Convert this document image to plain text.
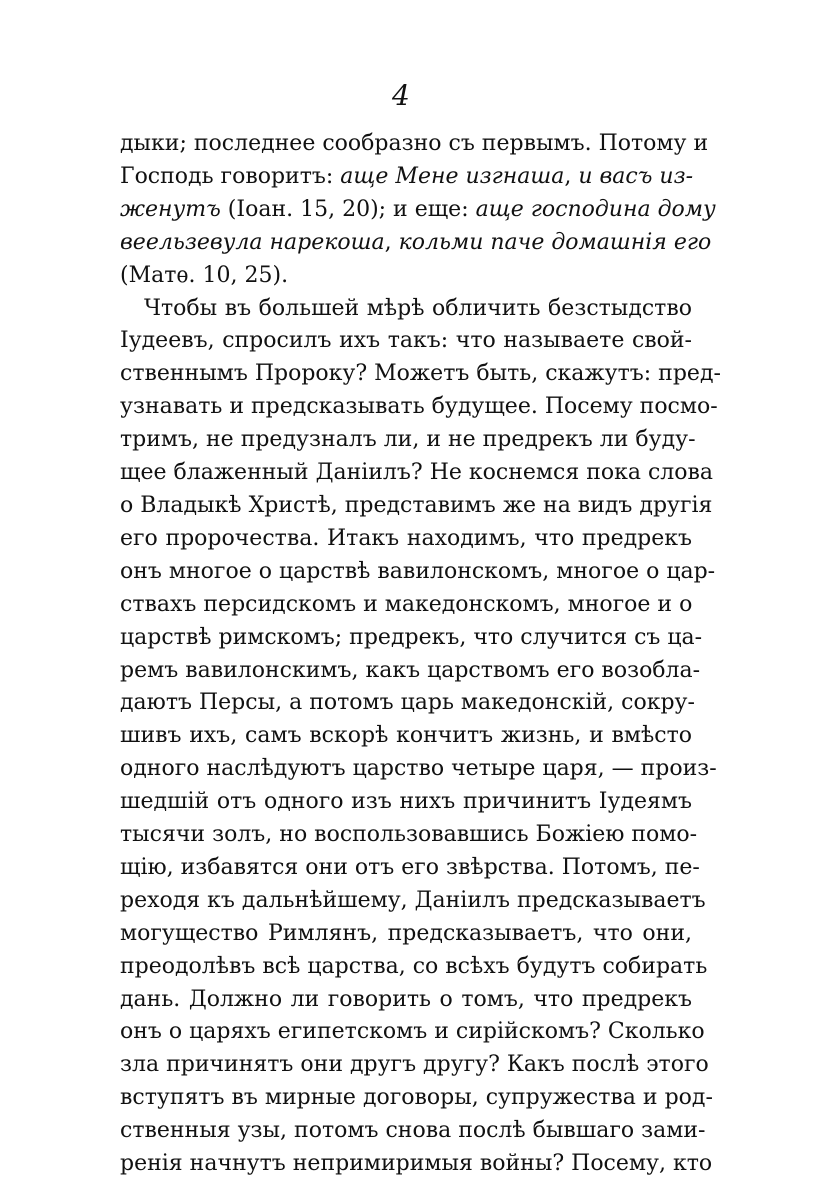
4
дыки; последнее сообразно съ первымъ. Потому и
Господь говоритъ: аще Мене изгнаша, и васъ из-
женутъ (Іоан. 15, 20); и еще: аще господина дому
веельзевула нарекоша, кольми паче домашнія его
(Матѳ. 10, 25).
Чтобы въ большей мѣрѣ обличить безстыдство
Іудеевъ, спросилъ ихъ такъ: что называете свой-
ственнымъ Пророку? Можетъ быть, скажутъ: пред-
узнавать и предсказывать будущее. Посему посмо-
тримъ, не предузналъ ли, и не предрекъ ли буду-
щее блаженный Даніилъ? Не коснемся пока слова
о Владыкѣ Христѣ, представимъ же на видъ другія
его пророчества. Итакъ находимъ, что предрекъ
онъ многое о царствѣ вавилонскомъ, многое о цар-
ствахъ персидскомъ и македонскомъ, многое и о
царствѣ римскомъ; предрекъ, что случится съ ца-
ремъ вавилонскимъ, какъ царствомъ его возобла-
даютъ Персы, а потомъ царь македонскій, сокру-
шивъ ихъ, самъ вскорѣ кончитъ жизнь, и вмѣсто
одного наслѣдуютъ царство четыре царя, — произ-
шедшій отъ одного изъ нихъ причинитъ Іудеямъ
тысячи золъ, но воспользовавшись Божіею помо-
щію, избавятся они отъ его звѣрства. Потомъ, пе-
реходя къ дальнѣйшему, Даніилъ предсказываетъ
могущество Римлянъ, предсказываетъ, что они,
преодолѣвъ всѣ царства, со всѣхъ будутъ собирать
дань. Должно ли говорить о томъ, что предрекъ
онъ о царяхъ египетскомъ и сирійскомъ? Сколько
зла причинятъ они другъ другу? Какъ послѣ этого
вступятъ въ мирные договоры, супружества и род-
ственныя узы, потомъ снова послѣ бывшаго зами-
ренія начнутъ непримиримыя войны? Посему, кто
